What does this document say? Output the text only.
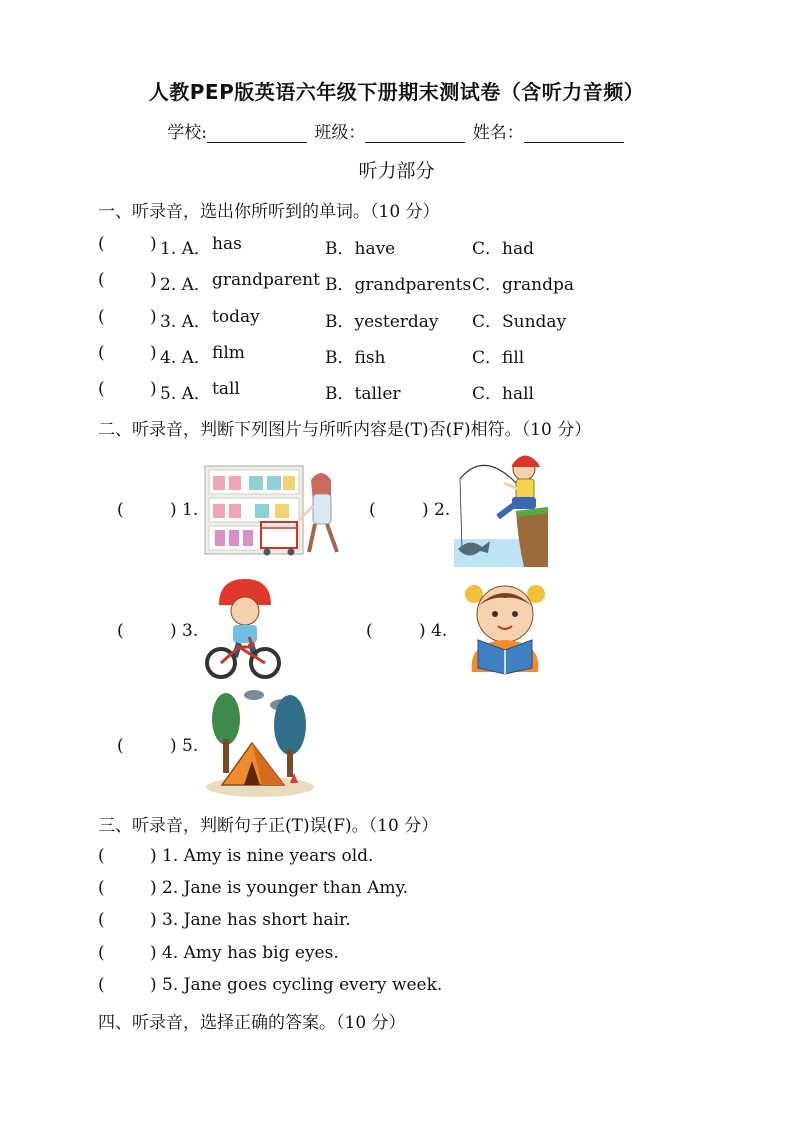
人教PEP版英语六年级下册期末测试卷（含听力音频）
学校:	班级：	姓名：
听力部分
一、听录音，选出你所听到的单词。（10 分）
(	) 1. A． has	B．have	C．had
(	) 2. A． grandparent B．grandparents C．grandpa
(	) 3. A． today	B．yesterday C．Sunday
(	) 4. A． film	B．fish	C．fill
(	) 5. A． tall	B．taller	C．hall
二、听录音，判断下列图片与所听内容是(T)否(F)相符。（10 分）
(	) 1.	(	) 2.
(	) 3.	(	) 4.
(	) 5.
三、听录音，判断句子正(T)误(F)。（10 分）
(	) 1. Amy is nine years old.
(	) 2. Jane is younger than Amy.
(	) 3. Jane has short hair.
(	) 4. Amy has big eyes.
(	) 5. Jane goes cycling every week.
四、听录音，选择正确的答案。（10 分）
